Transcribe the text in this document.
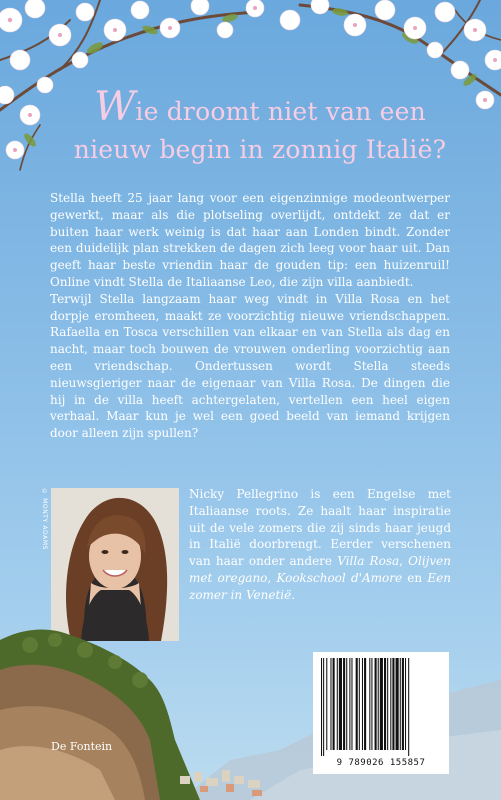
Wie droomt niet van een
nieuw begin in zonnig Italië?

Stella heeft 25 jaar lang voor een eigenzinnige modeontwerper gewerkt, maar als die plotseling overlijdt, ontdekt ze dat er buiten haar werk weinig is dat haar aan Londen bindt. Zonder een duidelijk plan strekken de dagen zich leeg voor haar uit. Dan geeft haar beste vriendin haar de gouden tip: een huizenruil! Online vindt Stella de Italiaanse Leo, die zijn villa aanbiedt.

Terwijl Stella langzaam haar weg vindt in Villa Rosa en het dorpje eromheen, maakt ze voorzichtig nieuwe vriendschappen. Rafaella en Tosca verschillen van elkaar en van Stella als dag en nacht, maar toch bouwen de vrouwen onderling voorzichtig aan een vriendschap. Ondertussen wordt Stella steeds nieuwsgieriger naar de eigenaar van Villa Rosa. De dingen die hij in de villa heeft achtergelaten, vertellen een heel eigen verhaal. Maar kun je wel een goed beeld van iemand krijgen door alleen zijn spullen?

© MONTY ADAMS	Nicky Pellegrino is een Engelse met Italiaanse roots. Ze haalt haar inspiratie uit de vele zomers die zij sinds haar jeugd in Italië doorbrengt. Eerder verschenen van haar onder andere Villa Rosa, Olijven met oregano, Kookschool d'Amore en Een zomer in Venetië.
De Fontein
9 789026 155857
